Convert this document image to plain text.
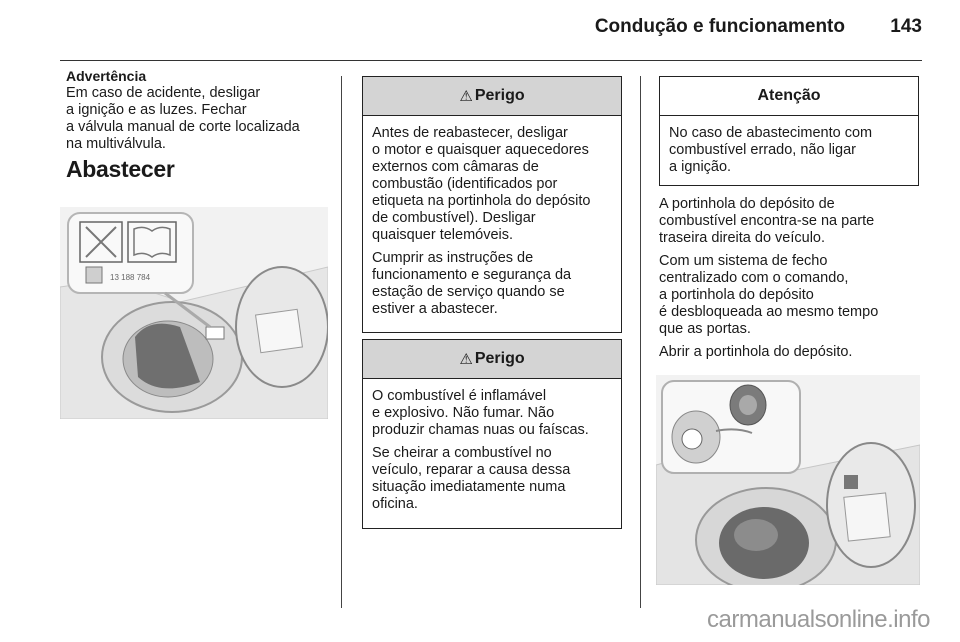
Condução e funcionamento 143
Advertência
Em caso de acidente, desligar
a ignição e as luzes. Fechar
a válvula manual de corte localizada
na multiválvula.
Abastecer
13 188 784
⚠ Perigo

Antes de reabastecer, desligar
o motor e quaisquer aquecedores
externos com câmaras de
combustão (identificados por
etiqueta na portinhola do depósito
de combustível). Desligar
quaisquer telemóveis.

Cumprir as instruções de
funcionamento e segurança da
estação de serviço quando se
estiver a abastecer.

⚠ Perigo

O combustível é inflamável
e explosivo. Não fumar. Não
produzir chamas nuas ou faíscas.

Se cheirar a combustível no
veículo, reparar a causa dessa
situação imediatamente numa
oficina.

Atenção
No caso de abastecimento com
combustível errado, não ligar
a ignição.

A portinhola do depósito de
combustível encontra-se na parte
traseira direita do veículo.

Com um sistema de fecho
centralizado com o comando,
a portinhola do depósito
é desbloqueada ao mesmo tempo
que as portas.

Abrir a portinhola do depósito.

carmanualsonline.info
